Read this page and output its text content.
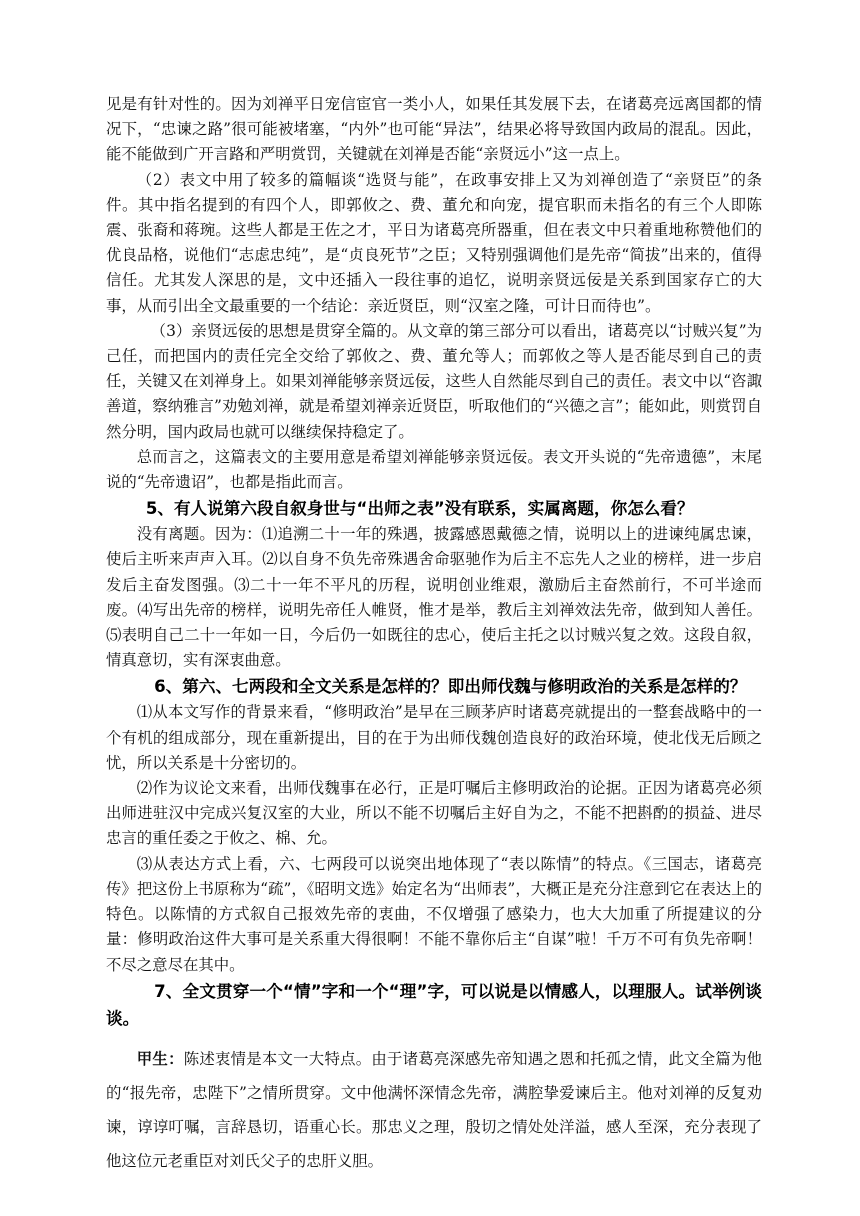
见是有针对性的。因为刘禅平日宠信宦官一类小人，如果任其发展下去，在诸葛亮远离国都的情况下，“忠谏之路”很可能被堵塞，“内外”也可能“异法”，结果必将导致国内政局的混乱。因此，能不能做到广开言路和严明赏罚，关键就在刘禅是否能“亲贤远小”这一点上。

（2）表文中用了较多的篇幅谈“选贤与能”，在政事安排上又为刘禅创造了“亲贤臣”的条件。其中指名提到的有四个人，即郭攸之、费、董允和向宠，提官职而未指名的有三个人即陈震、张裔和蒋琬。这些人都是王佐之才，平日为诸葛亮所器重，但在表文中只着重地称赞他们的优良品格，说他们“志虑忠纯”，是“贞良死节”之臣；又特别强调他们是先帝“简拔”出来的，值得信任。尤其发人深思的是，文中还插入一段往事的追忆，说明亲贤远佞是关系到国家存亡的大事，从而引出全文最重要的一个结论：亲近贤臣，则“汉室之隆，可计日而待也”。

（3）亲贤远佞的思想是贯穿全篇的。从文章的第三部分可以看出，诸葛亮以“讨贼兴复”为己任，而把国内的责任完全交给了郭攸之、费、董允等人；而郭攸之等人是否能尽到自己的责任，关键又在刘禅身上。如果刘禅能够亲贤远佞，这些人自然能尽到自己的责任。表文中以“咨諏善道，察纳雅言”劝勉刘禅，就是希望刘禅亲近贤臣，听取他们的“兴德之言”；能如此，则赏罚自然分明，国内政局也就可以继续保持稳定了。

总而言之，这篇表文的主要用意是希望刘禅能够亲贤远佞。表文开头说的“先帝遗德”，末尾说的“先帝遗诏”，也都是指此而言。

5、有人说第六段自叙身世与“出师之表”没有联系，实属离题，你怎么看？

没有离题。因为：⑴追溯二十一年的殊遇，披露感恩戴德之情，说明以上的进谏纯属忠谏，使后主听来声声入耳。⑵以自身不负先帝殊遇舍命驱驰作为后主不忘先人之业的榜样，进一步启发后主奋发图强。⑶二十一年不平凡的历程，说明创业维艰，激励后主奋然前行，不可半途而废。⑷写出先帝的榜样，说明先帝任人帷贤，惟才是举，教后主刘禅效法先帝，做到知人善任。⑸表明自己二十一年如一日，今后仍一如既往的忠心，使后主托之以讨贼兴复之效。这段自叙，情真意切，实有深衷曲意。

6、第六、七两段和全文关系是怎样的？即出师伐魏与修明政治的关系是怎样的？

⑴从本文写作的背景来看，“修明政治”是早在三顾茅庐时诸葛亮就提出的一整套战略中的一个有机的组成部分，现在重新提出，目的在于为出师伐魏创造良好的政治环境，使北伐无后顾之忧，所以关系是十分密切的。

⑵作为议论文来看，出师伐魏事在必行，正是叮嘱后主修明政治的论据。正因为诸葛亮必须出师进驻汉中完成兴复汉室的大业，所以不能不切嘱后主好自为之，不能不把斟酌的损益、进尽忠言的重任委之于攸之、棉、允。

⑶从表达方式上看，六、七两段可以说突出地体现了“表以陈情”的特点。《三国志，诸葛亮传》把这份上书原称为“疏”，《昭明文选》始定名为“出师表”，大概正是充分注意到它在表达上的特色。以陈情的方式叙自己报效先帝的衷曲，不仅增强了感染力，也大大加重了所提建议的分量：修明政治这件大事可是关系重大得很啊！不能不靠你后主“自谋”啦！千万不可有负先帝啊！不尽之意尽在其中。

7、全文贯穿一个“情”字和一个“理”字，可以说是以情感人，以理服人。试举例谈谈。

甲生：陈述衷情是本文一大特点。由于诸葛亮深感先帝知遇之恩和托孤之情，此文全篇为他的“报先帝，忠陛下”之情所贯穿。文中他满怀深情念先帝，满腔挚爱谏后主。他对刘禅的反复劝谏，谆谆叮嘱，言辞恳切，语重心长。那忠义之理，殷切之情处处洋溢，感人至深，充分表现了他这位元老重臣对刘氏父子的忠肝义胆。
